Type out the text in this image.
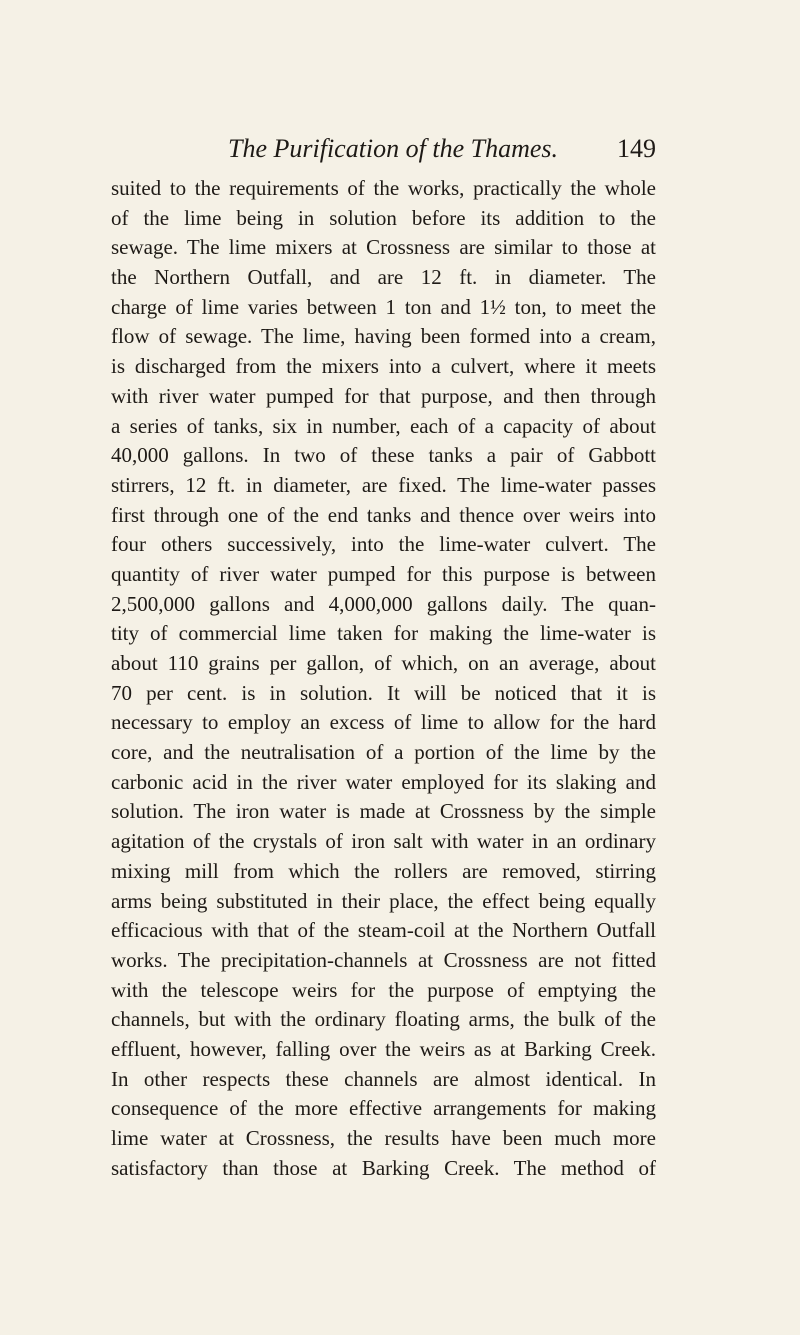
The Purification of the Thames. 149
suited to the requirements of the works, practically the whole
of the lime being in solution before its addition to the
sewage. The lime mixers at Crossness are similar to those at
the Northern Outfall, and are 12 ft. in diameter. The
charge of lime varies between 1 ton and 1½ ton, to meet the
flow of sewage. The lime, having been formed into a cream,
is discharged from the mixers into a culvert, where it meets
with river water pumped for that purpose, and then through
a series of tanks, six in number, each of a capacity of about
40,000 gallons. In two of these tanks a pair of Gabbott
stirrers, 12 ft. in diameter, are fixed. The lime-water passes
first through one of the end tanks and thence over weirs into
four others successively, into the lime-water culvert. The
quantity of river water pumped for this purpose is between
2,500,000 gallons and 4,000,000 gallons daily. The quan-
tity of commercial lime taken for making the lime-water is
about 110 grains per gallon, of which, on an average, about
70 per cent. is in solution. It will be noticed that it is
necessary to employ an excess of lime to allow for the hard
core, and the neutralisation of a portion of the lime by the
carbonic acid in the river water employed for its slaking and
solution. The iron water is made at Crossness by the simple
agitation of the crystals of iron salt with water in an ordinary
mixing mill from which the rollers are removed, stirring
arms being substituted in their place, the effect being equally
efficacious with that of the steam-coil at the Northern Outfall
works. The precipitation-channels at Crossness are not fitted
with the telescope weirs for the purpose of emptying the
channels, but with the ordinary floating arms, the bulk of the
effluent, however, falling over the weirs as at Barking Creek.
In other respects these channels are almost identical. In
consequence of the more effective arrangements for making
lime water at Crossness, the results have been much more
satisfactory than those at Barking Creek. The method of
